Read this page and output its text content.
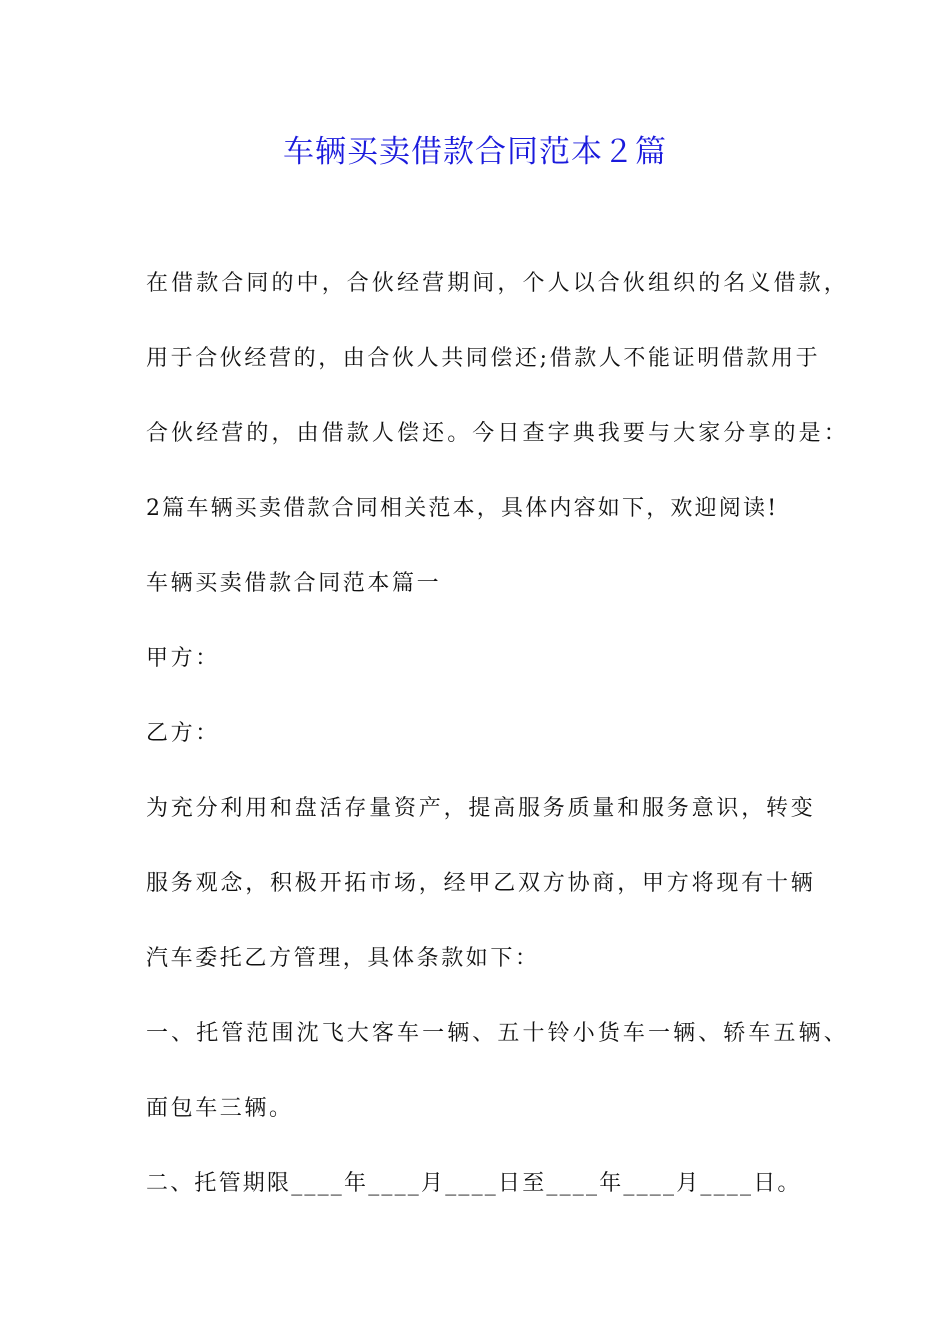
车辆买卖借款合同范本２篇
在借款合同的中，合伙经营期间，个人以合伙组织的名义借款，
用于合伙经营的，由合伙人共同偿还;借款人不能证明借款用于
合伙经营的，由借款人偿还。今日查字典我要与大家分享的是：
2篇车辆买卖借款合同相关范本，具体内容如下，欢迎阅读!
车辆买卖借款合同范本篇一
甲方：
乙方：
为充分利用和盘活存量资产，提高服务质量和服务意识，转变
服务观念，积极开拓市场，经甲乙双方协商，甲方将现有十辆
汽车委托乙方管理，具体条款如下：
一、托管范围沈飞大客车一辆、五十铃小货车一辆、轿车五辆、
面包车三辆。
二、托管期限____年____月____日至____年____月____日。
